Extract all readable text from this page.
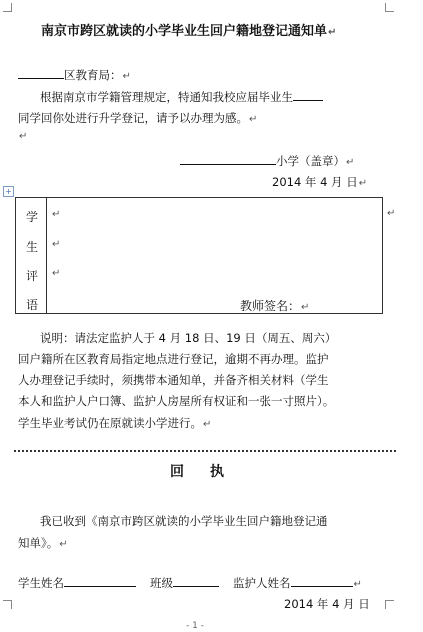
南京市跨区就读的小学毕业生回户籍地登记通知单↵
区教育局：↵
根据南京市学籍管理规定，特通知我校应届毕业生
同学回你处进行升学登记，请予以办理为感。↵
↵
小学（盖章）↵
2014 年 4 月 日↵
+
学
生
评
语
↵
↵
↵
教师签名：↵
↵
说明：请法定监护人于 4 月 18 日、19 日（周五、周六）
回户籍所在区教育局指定地点进行登记，逾期不再办理。监护
人办理登记手续时，须携带本通知单，并备齐相关材料（学生
本人和监护人户口簿、监护人房屋所有权证和一张一寸照片）。
学生毕业考试仍在原就读小学进行。↵
回执
我已收到《南京市跨区就读的小学毕业生回户籍地登记通
知单》。↵
学生姓名	班级	监护人姓名	↵
2014 年 4 月 日
- 1 -
